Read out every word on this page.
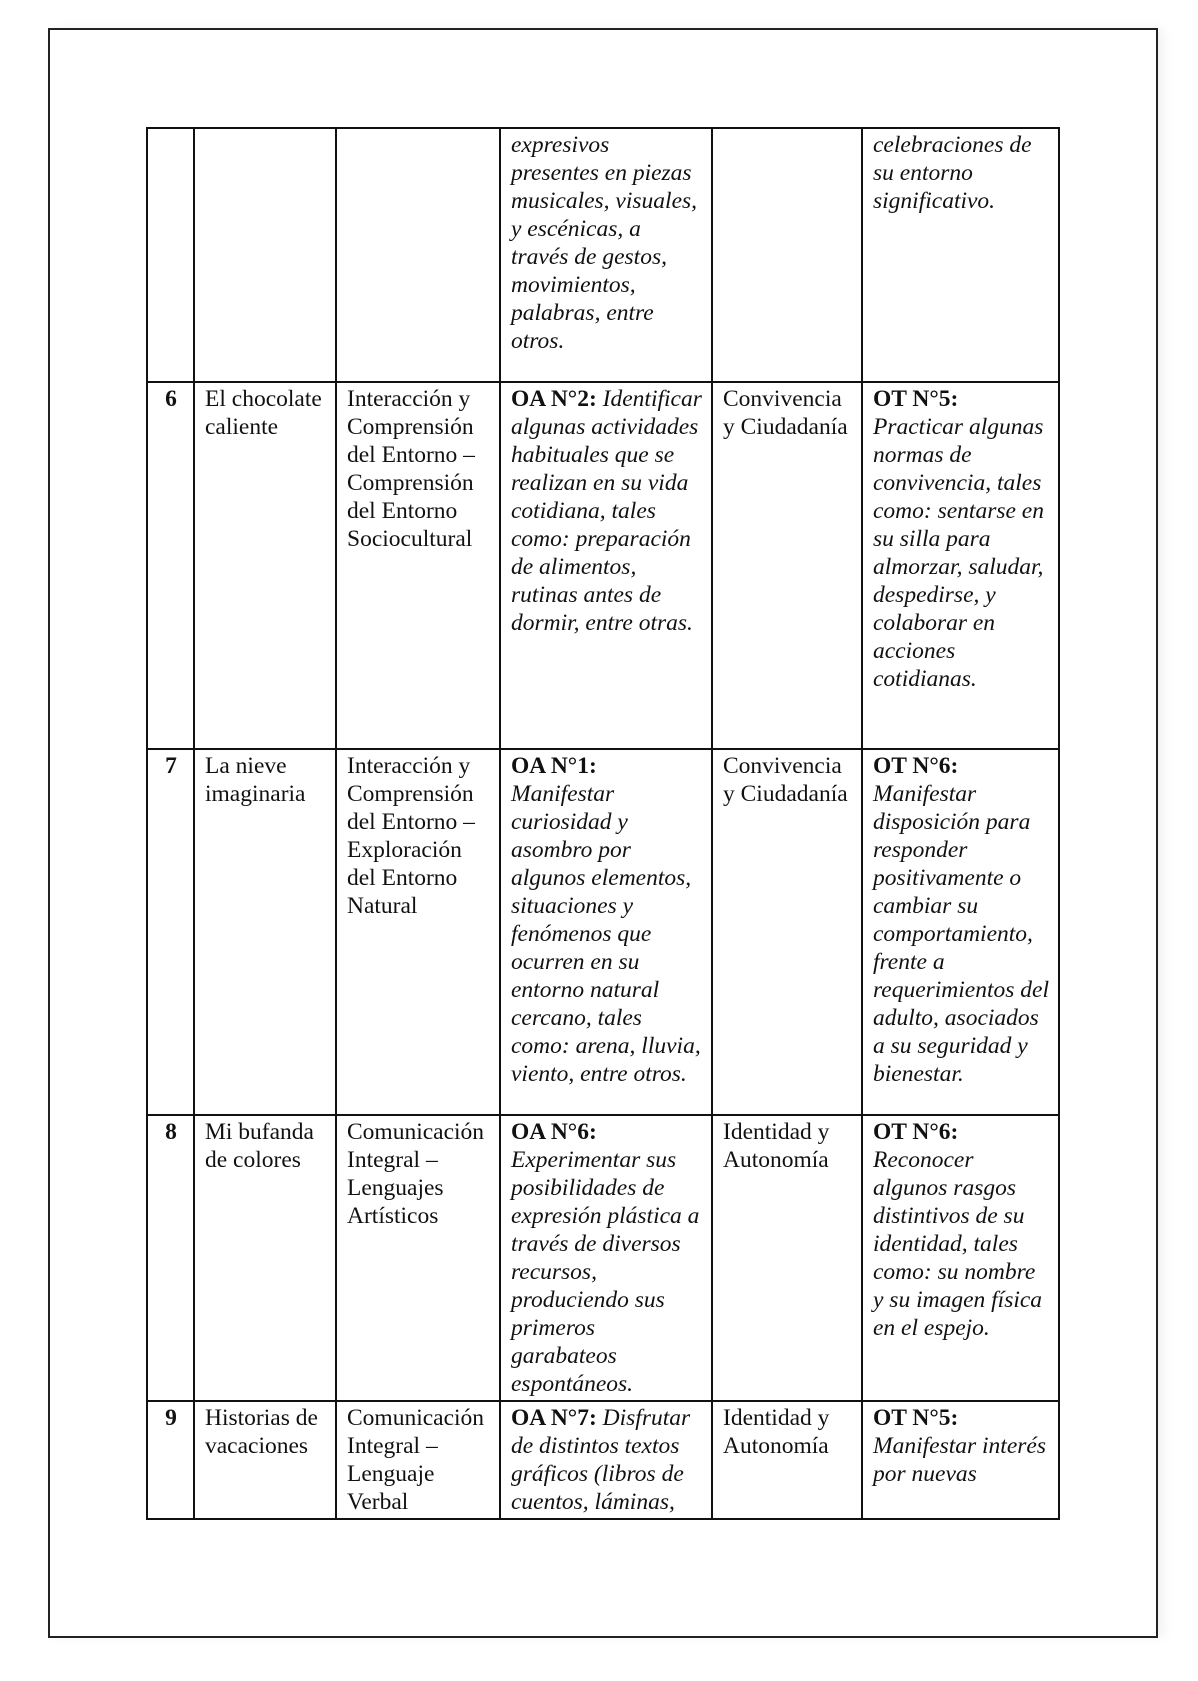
			expresivos presentes en piezas musicales, visuales, y escénicas, a través de gestos, movimientos, palabras, entre otros.		celebraciones de su entorno significativo.
6	El chocolate caliente	Interacción y Comprensión del Entorno – Comprensión del Entorno Sociocultural	OA N°2: Identificar algunas actividades habituales que se realizan en su vida cotidiana, tales como: preparación de alimentos, rutinas antes de dormir, entre otras.	Convivencia y Ciudadanía	OT N°5: Practicar algunas normas de convivencia, tales como: sentarse en su silla para almorzar, saludar, despedirse, y colaborar en acciones cotidianas.
7	La nieve imaginaria	Interacción y Comprensión del Entorno – Exploración del Entorno Natural	OA N°1: Manifestar curiosidad y asombro por algunos elementos, situaciones y fenómenos que ocurren en su entorno natural cercano, tales como: arena, lluvia, viento, entre otros.	Convivencia y Ciudadanía	OT N°6: Manifestar disposición para responder positivamente o cambiar su comportamiento, frente a requerimientos del adulto, asociados a su seguridad y bienestar.
8	Mi bufanda de colores	Comunicación Integral – Lenguajes Artísticos	OA N°6: Experimentar sus posibilidades de expresión plástica a través de diversos recursos, produciendo sus primeros garabateos espontáneos.	Identidad y Autonomía	OT N°6: Reconocer algunos rasgos distintivos de su identidad, tales como: su nombre y su imagen física en el espejo.
9	Historias de vacaciones	Comunicación Integral – Lenguaje Verbal	OA N°7: Disfrutar de distintos textos gráficos (libros de cuentos, láminas,	Identidad y Autonomía	OT N°5: Manifestar interés por nuevas
